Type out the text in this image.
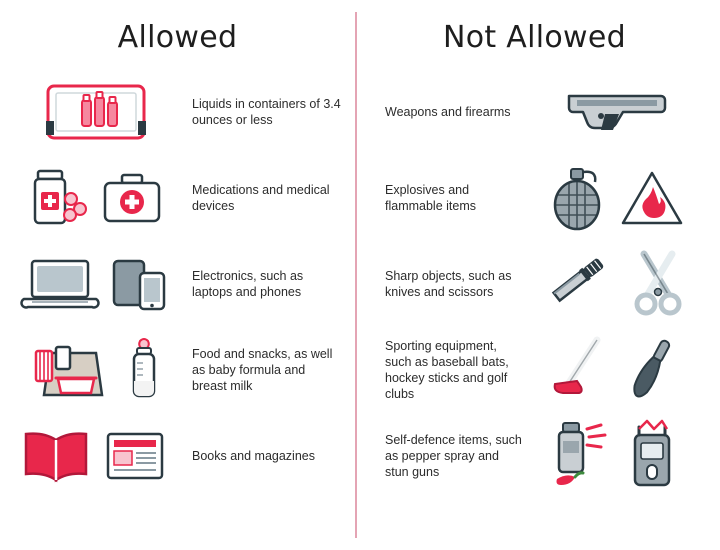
Allowed
Liquids in containers of 3.4 ounces or less
Medications and medical devices
Electronics, such as laptops and phones
Food and snacks, as well as baby formula and breast milk
Books and magazines
Not Allowed
Weapons and firearms
Explosives and flammable items
Sharp objects, such as knives and scissors
Sporting equipment, such as baseball bats, hockey sticks and golf clubs
Self-defence items, such as pepper spray and stun guns
